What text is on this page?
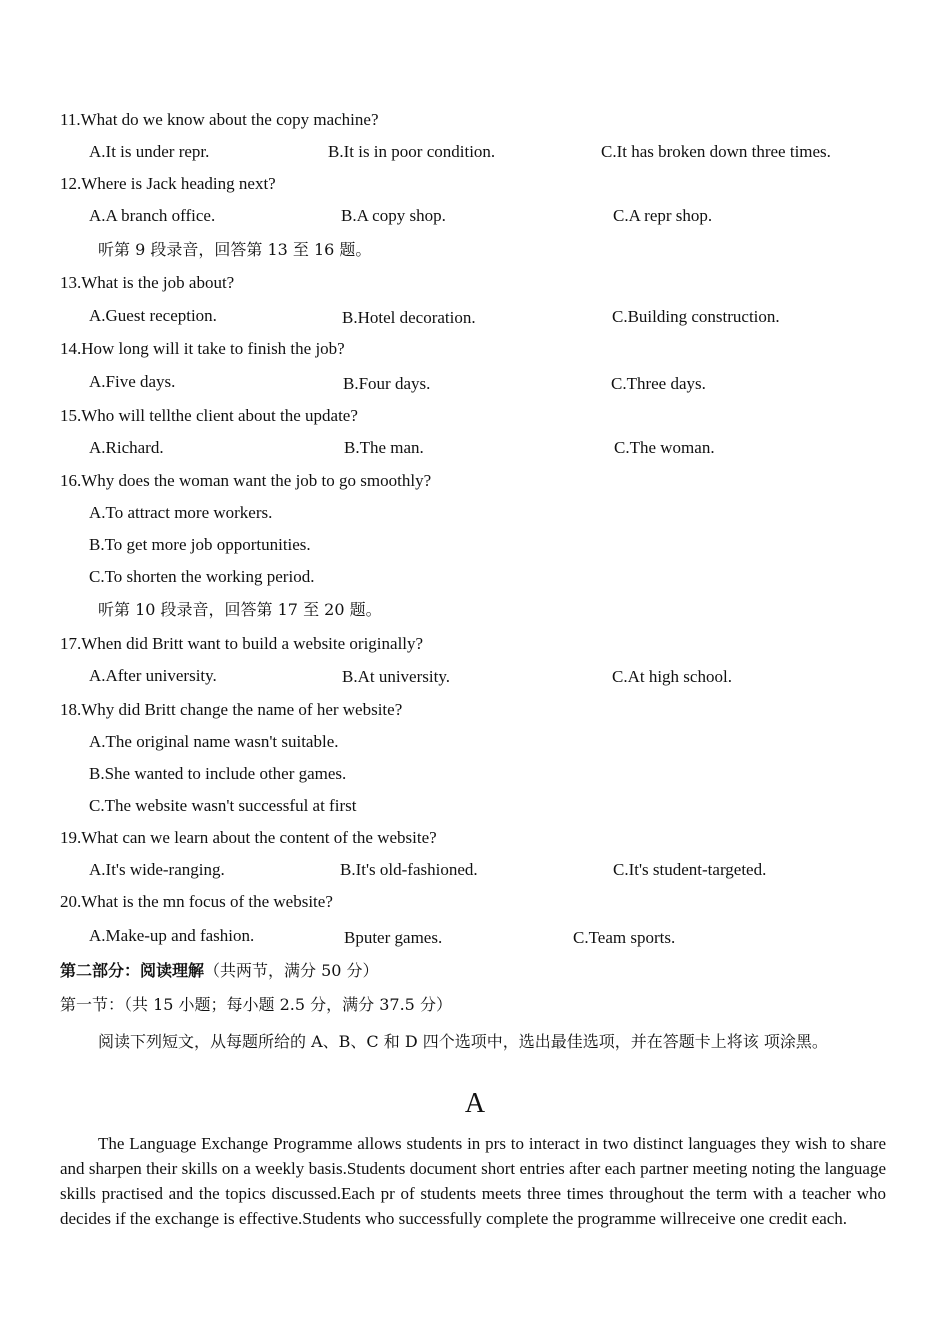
11.What do we know about the copy machine?
A.It is under repr.	B.It is in poor condition.	C.It has broken down three times.
12.Where is Jack heading next?
A.A branch office.	B.A copy shop.	C.A repr shop.
听第 9 段录音，回答第 13 至 16 题。
13.What is the job about?
A.Guest reception.	B.Hotel decoration.	C.Building construction.
14.How long will it take to finish the job?
A.Five days.	B.Four days.	C.Three days.
15.Who will tellthe client about the update?
A.Richard.	B.The man.	C.The woman.
16.Why does the woman want the job to go smoothly?
A.To attract more workers.
B.To get more job opportunities.
C.To shorten the working period.
听第 10 段录音，回答第 17 至 20 题。
17.When did Britt want to build a website originally?
A.After university.	B.At university.	C.At high school.
18.Why did Britt change the name of her website?
A.The original name wasn't suitable.
B.She wanted to include other games.
C.The website wasn't successful at first
19.What can we learn about the content of the website?
A.It's wide-ranging.	B.It's old-fashioned.	C.It's student-targeted.
20.What is the mn focus of the website?
A.Make-up and fashion.	Bputer games.	C.Team sports.
第二部分：阅读理解（共两节，满分 50 分）
第一节：（共 15 小题；每小题 2.5 分，满分 37.5 分）
阅读下列短文，从每题所给的 A、B、C 和 D 四个选项中，选出最佳选项，并在答题卡上将该 项涂黑。
A

The Language Exchange Programme allows students in prs to interact in two distinct languages they wish to share and sharpen their skills on a weekly basis.Students document short entries after each partner meeting noting the language skills practised and the topics discussed.Each pr of students meets three times throughout the term with a teacher who decides if the exchange is effective.Students who successfully complete the programme willreceive one credit each.
